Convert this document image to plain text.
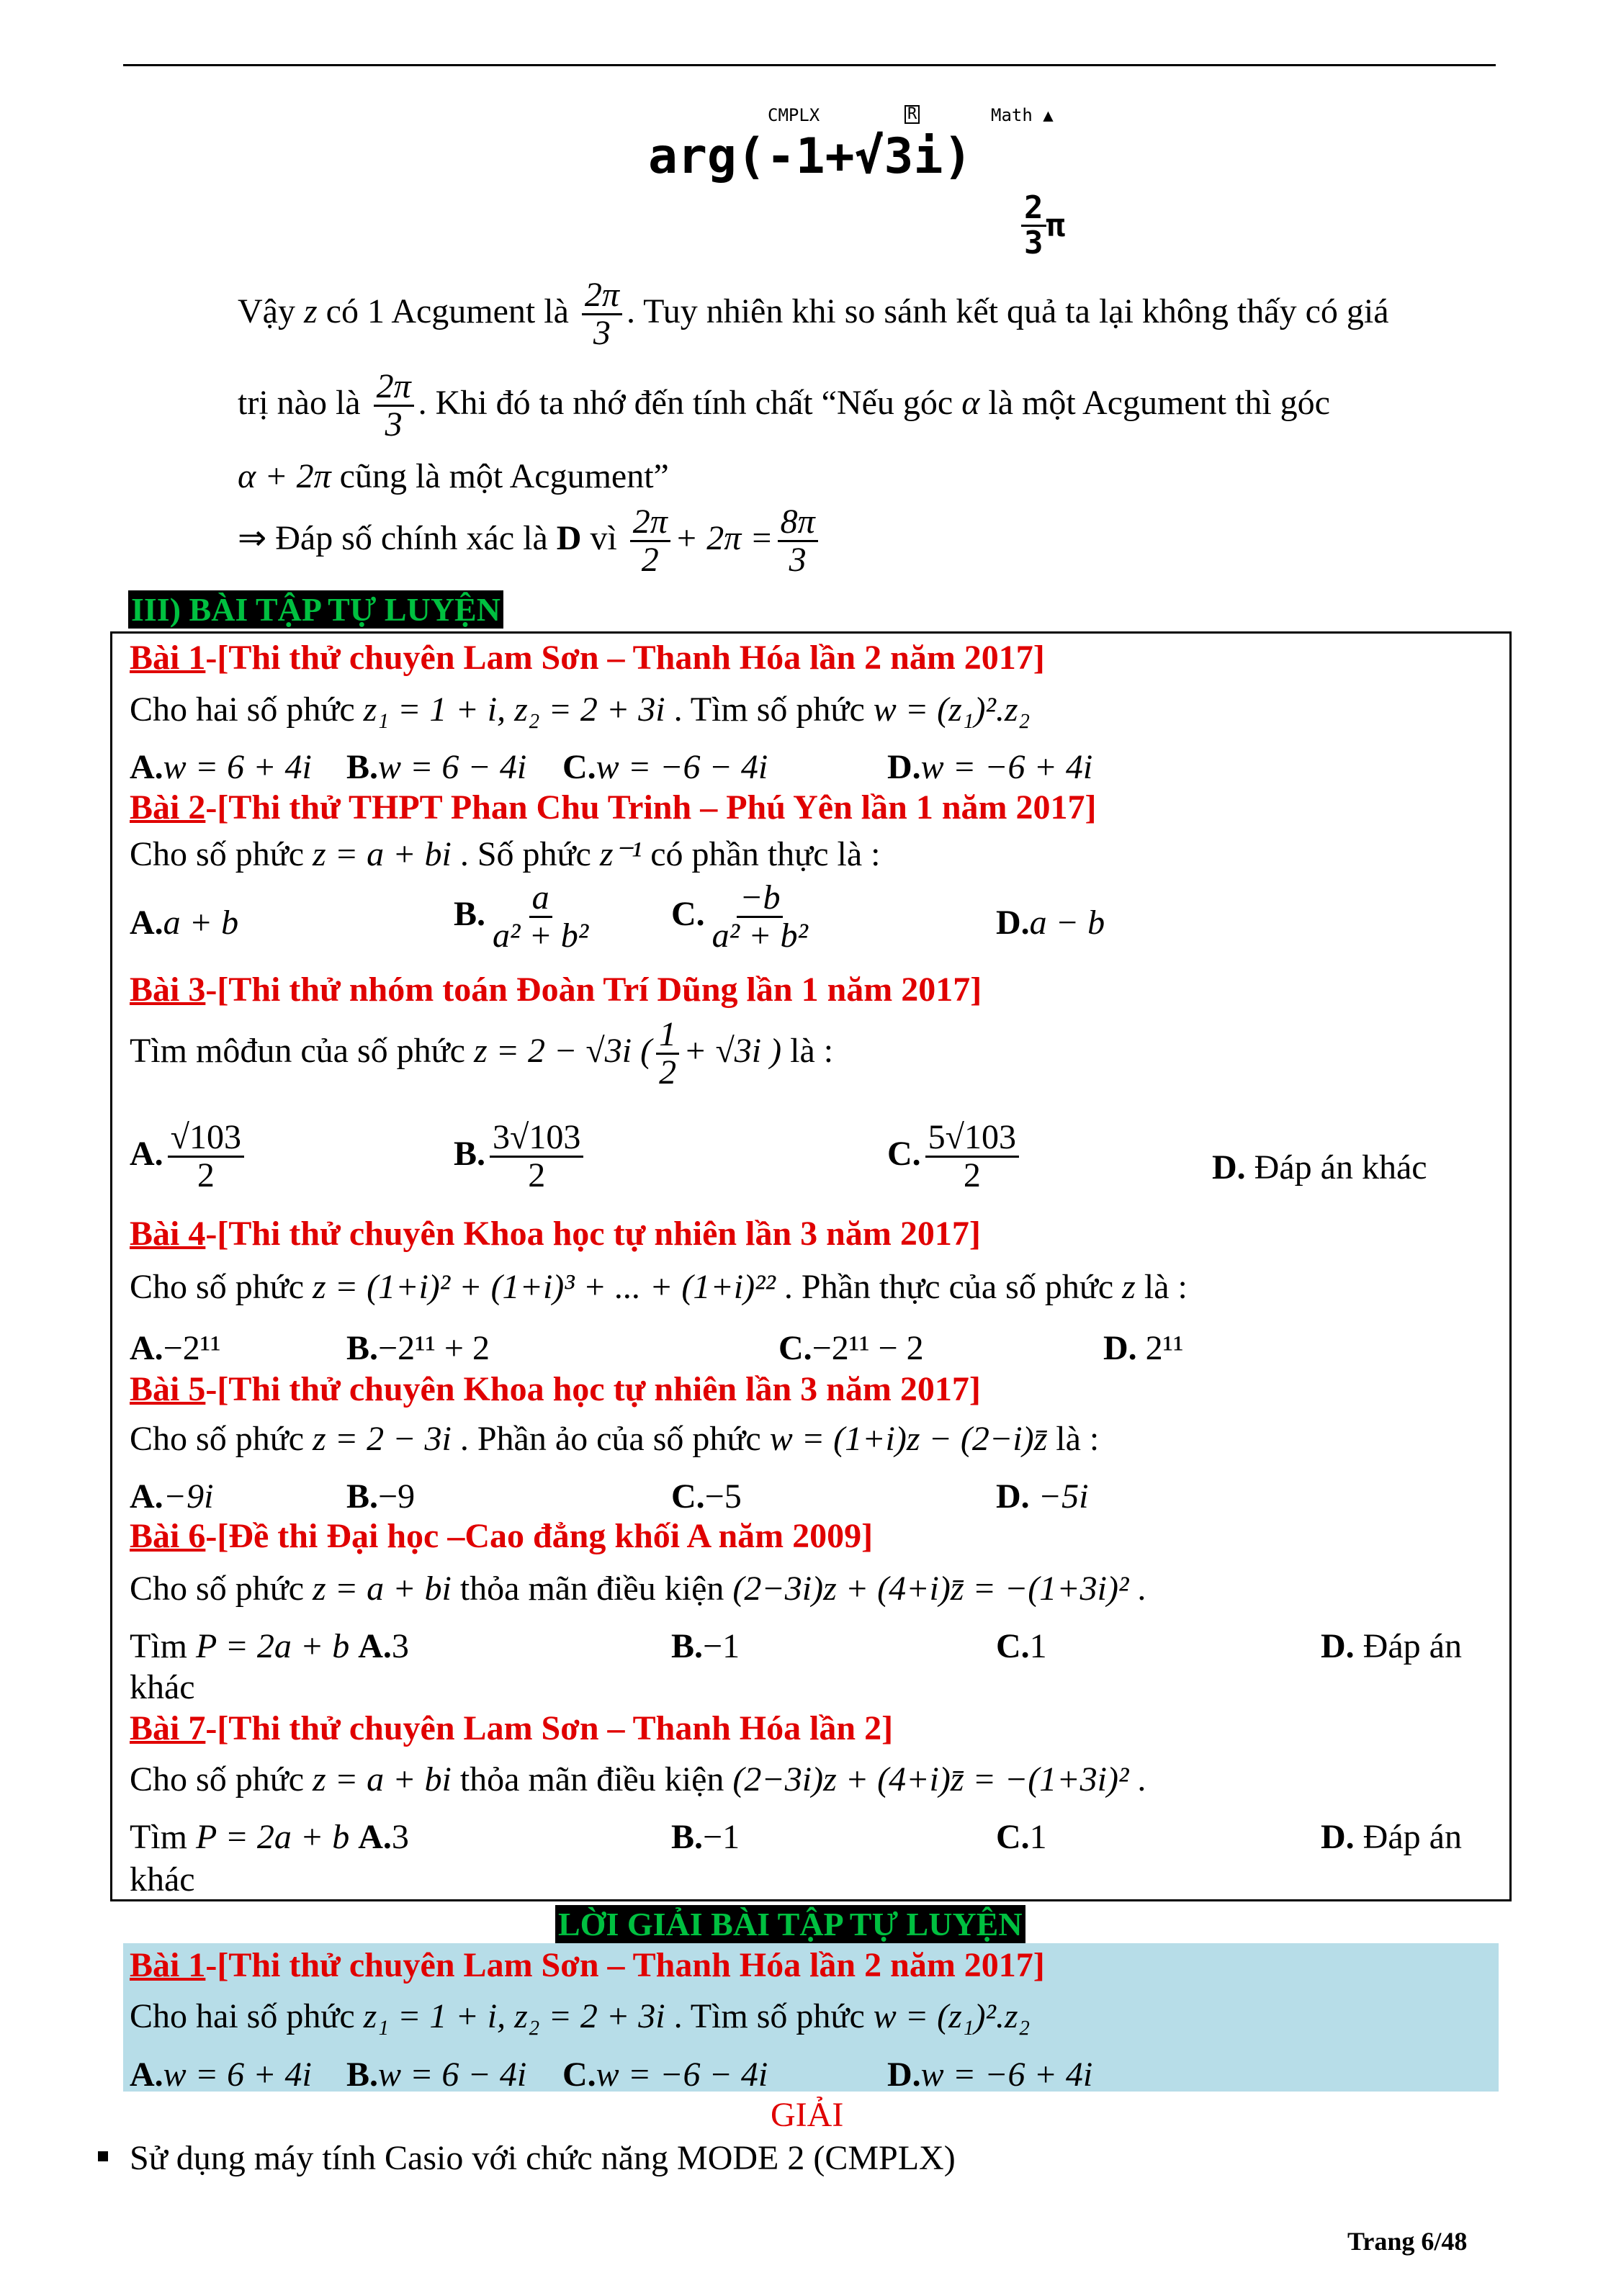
CMPLX	R	Math ▲
arg(-1+√3i)
$\frac{2}{3}$ π
Vậy z có 1 Acgument là $\frac{2\pi}{3}$ . Tuy nhiên khi so sánh kết quả ta lại không thấy có giá
trị nào là $\frac{2\pi}{3}$ . Khi đó ta nhớ đến tính chất “Nếu góc α là một Acgument thì góc
α + 2π cũng là một Acgument”
⇒ Đáp số chính xác là D vì $\frac{2\pi}{2} + 2\pi = \frac{8\pi}{3}$
III) BÀI TẬP TỰ LUYỆN
Bài 1-[Thi thử chuyên Lam Sơn – Thanh Hóa lần 2 năm 2017]
Cho hai số phức z₁ = 1 + i, z₂ = 2 + 3i . Tìm số phức w = (z₁)².z₂
A.w = 6 + 4i B.w = 6 − 4i C.w = −6 − 4i	D.w = −6 + 4i
Bài 2-[Thi thử THPT Phan Chu Trinh – Phú Yên lần 1 năm 2017]
Cho số phức z = a + bi . Số phức z⁻¹ có phần thực là :
A.a + b	B. $\frac{a}{\text{a² + b²}} C$. $\frac{-b}{\text{a² + b²}}$	D.a − b
Bài 3-[Thi thử nhóm toán Đoàn Trí Dũng lần 1 năm 2017]
Tìm môđun của số phức z = 2 − √3i ( $\frac{1}{2} + √3i$ ) là :
A. $\frac{√103}{2}$	B. $\frac{3√103}{2}$	C. $\frac{5√103}{2}$	D. Đáp án khác
Bài 4-[Thi thử chuyên Khoa học tự nhiên lần 3 năm 2017]
Cho số phức z = (1+i)² + (1+i)³ + ... + (1+i)²² . Phần thực của số phức z là :
A.−2¹¹	B.−2¹¹ + 2	C.−2¹¹ − 2	D. 2¹¹
Bài 5-[Thi thử chuyên Khoa học tự nhiên lần 3 năm 2017]
Cho số phức z = 2 − 3i . Phần ảo của số phức w = (1+i)z − (2−i)z̄ là :
A.−9i	B.−9	C.−5	D. −5i
Bài 6-[Đề thi Đại học –Cao đẳng khối A năm 2009]
Cho số phức z = a + bi thỏa mãn điều kiện (2−3i)z + (4+i)z̄ = −(1+3i)² .
Tìm P = 2a + b A.3	B.−1	C.1	D. Đáp án
khác
Bài 7-[Thi thử chuyên Lam Sơn – Thanh Hóa lần 2]
Cho số phức z = a + bi thỏa mãn điều kiện (2−3i)z + (4+i)z̄ = −(1+3i)² .
Tìm P = 2a + b A.3	B.−1	C.1	D. Đáp án
khác
LỜI GIẢI BÀI TẬP TỰ LUYỆN
Bài 1-[Thi thử chuyên Lam Sơn – Thanh Hóa lần 2 năm 2017]
Cho hai số phức z₁ = 1 + i, z₂ = 2 + 3i . Tìm số phức w = (z₁)².z₂
A.w = 6 + 4i B.w = 6 − 4i C.w = −6 − 4i	D.w = −6 + 4i
GIẢI
Sử dụng máy tính Casio với chức năng MODE 2 (CMPLX)
Trang 6/48
